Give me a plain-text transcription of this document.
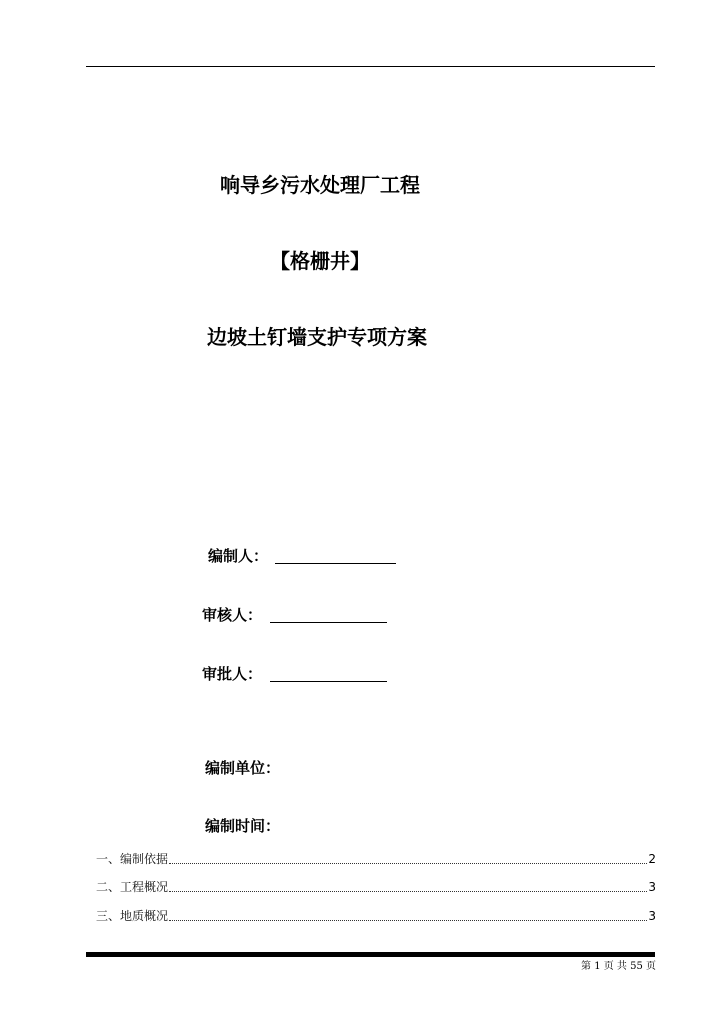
响导乡污水处理厂工程
【格栅井】
边坡土钉墙支护专项方案
编制人：
审核人：
审批人：
编制单位：
编制时间：
一、编制依据	2
二、工程概况	3
三、地质概况	3
第 1 页 共 55 页
